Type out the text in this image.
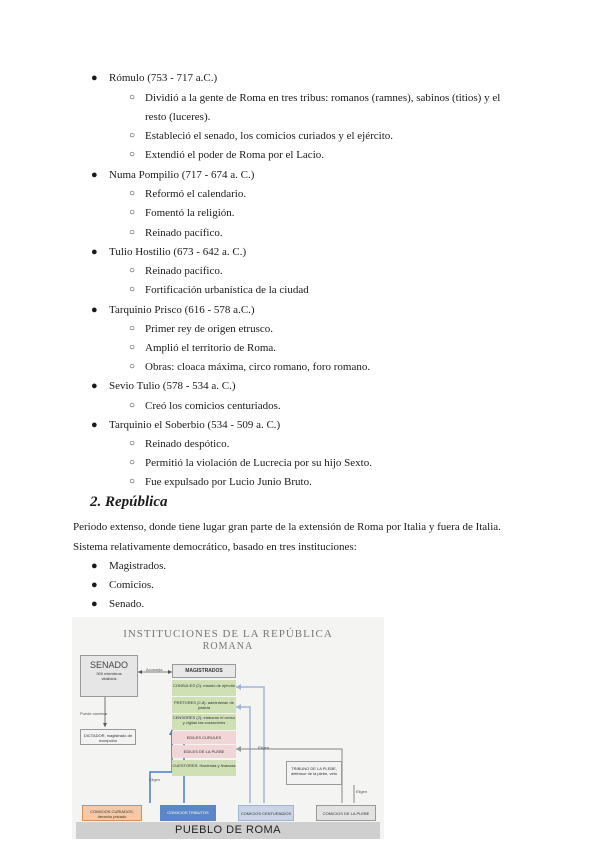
● Rómulo (753 - 717 a.C.)
○ Dividió a la gente de Roma en tres tribus: romanos (ramnes), sabinos (titios) y el
resto (luceres).
○ Estableció el senado, los comicios curiados y el ejército.
○ Extendió el poder de Roma por el Lacio.
● Numa Pompilio (717 - 674 a. C.)
○ Reformó el calendario.
○ Fomentó la religión.
○ Reinado pacífico.
● Tulio Hostilio (673 - 642 a. C.)
○ Reinado pacífico.
○ Fortificación urbanística de la ciudad
● Tarquinio Prisco (616 - 578 a.C.)
○ Primer rey de origen etrusco.
○ Amplió el territorio de Roma.
○ Obras: cloaca máxima, circo romano, foro romano.
● Sevio Tulio (578 - 534 a. C.)
○ Creó los comicios centuriados.
● Tarquinio el Soberbio (534 - 509 a. C.)
○ Reinado despótico.
○ Permitió la violación de Lucrecia por su hijo Sexto.
○ Fue expulsado por Lucio Junio Bruto.
2. República
Periodo extenso, donde tiene lugar gran parte de la extensión de Roma por Italia y fuera de Italia.
Sistema relativamente democrático, basado en tres instituciones:
● Magistrados.
● Comicios.
● Senado.
INSTITUCIONES DE LA REPÚBLICA
ROMANA
SENADO
300 miembros
vitalicios
Aconseja
Puede nombrar
DICTADOR, magistrado de excepción
MAGISTRADOS
CONSULES (2): mando de ejército
PRETORES (2-8): administran de justicia
CENSORES (2): elaboran el censo y vigilan las costumbres
EDILES CURULES
EDILES DE LA PLEBE
CUESTORES: Hacienda y finanzas
Eligen
Eligen
Eligen
TRIBUNO DE LA PLEBE, defensor de la plebe, veto
COMICIOS CURIADOS, derecho privado
COMICIOS TRIBUTOS	COMICIOS CENTURIADOS	COMICIOS DE LA PLEBE
PUEBLO DE ROMA
